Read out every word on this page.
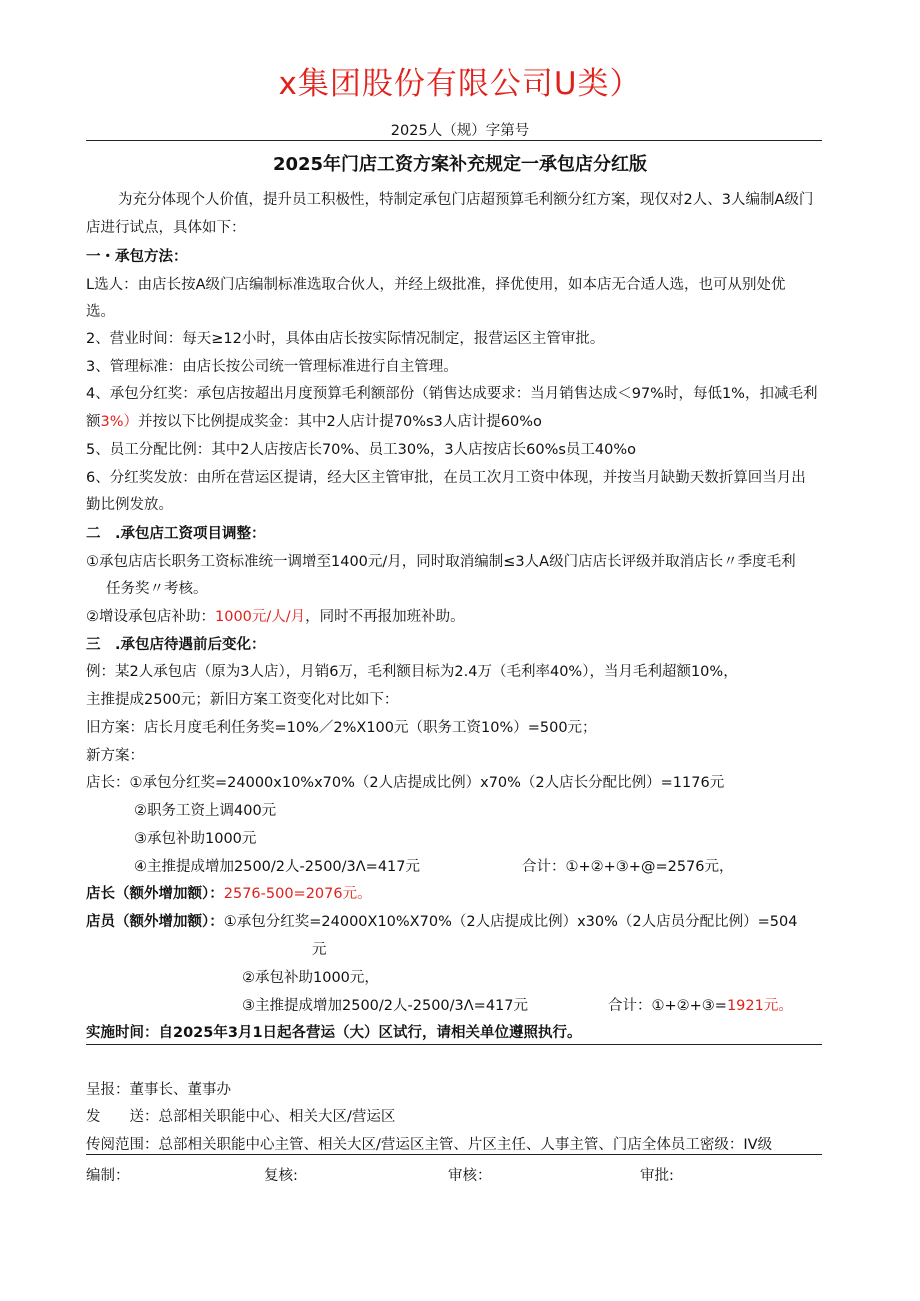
x集团股份有限公司U类）
2025人（规）字第号
2025年门店工资方案补充规定一承包店分红版
为充分体现个人价值，提升员工积极性，特制定承包门店超预算毛利额分红方案，现仅对2人、3人编制A级门
店进行试点，具体如下：
一・承包方法：
L选人：由店长按A级门店编制标准选取合伙人，并经上级批准，择优使用，如本店无合适人选，也可从别处优
选。
2、营业时间：每天≥12小时，具体由店长按实际情况制定，报营运区主管审批。
3、管理标准：由店长按公司统一管理标准进行自主管理。
4、承包分红奖：承包店按超出月度预算毛利额部份（销售达成要求：当月销售达成＜97%时，每低1%，扣减毛利
额3%）并按以下比例提成奖金：其中2人店计提70%s3人店计提60%o
5、员工分配比例：其中2人店按店长70%、员工30%，3人店按店长60%s员工40%o
6、分红奖发放：由所在营运区提请，经大区主管审批，在员工次月工资中体现，并按当月缺勤天数折算回当月出
勤比例发放。
二　.承包店工资项目调整：
①承包店店长职务工资标准统一调增至1400元/月，同时取消编制≤3人A级门店店长评级并取消店长〃季度毛利
任务奖〃考核。
②增设承包店补助：1000元/人/月，同时不再报加班补助。
三　.承包店待遇前后变化：
例：某2人承包店（原为3人店），月销6万，毛利额目标为2.4万（毛利率40%），当月毛利超额10%，
主推提成2500元；新旧方案工资变化对比如下：
旧方案：店长月度毛利任务奖=10%／2%X100元（职务工资10%）=500元；
新方案：
店长：①承包分红奖=24000x10%x70%（2人店提成比例）x70%（2人店长分配比例）=1176元
②职务工资上调400元
③承包补助1000元
④主推提成增加2500/2人-2500/3Λ=417元	合计：①+②+③+@=2576元，
店长（额外增加额）：2576-500=2076元。
店员（额外增加额）：①承包分红奖=24000X10%X70%（2人店提成比例）x30%（2人店员分配比例）=504
元
②承包补助1000元，
③主推提成增加2500/2人-2500/3Λ=417元	合计：①+②+③=1921元。
实施时间：自2025年3月1日起各营运（大）区试行，请相关单位遵照执行。
呈报：董事长、董事办
发　　送：总部相关职能中心、相关大区/营运区
传阅范围：总部相关职能中心主管、相关大区/营运区主管、片区主任、人事主管、门店全体员工密级：IV级
编制：	复核:	审核：	审批:
